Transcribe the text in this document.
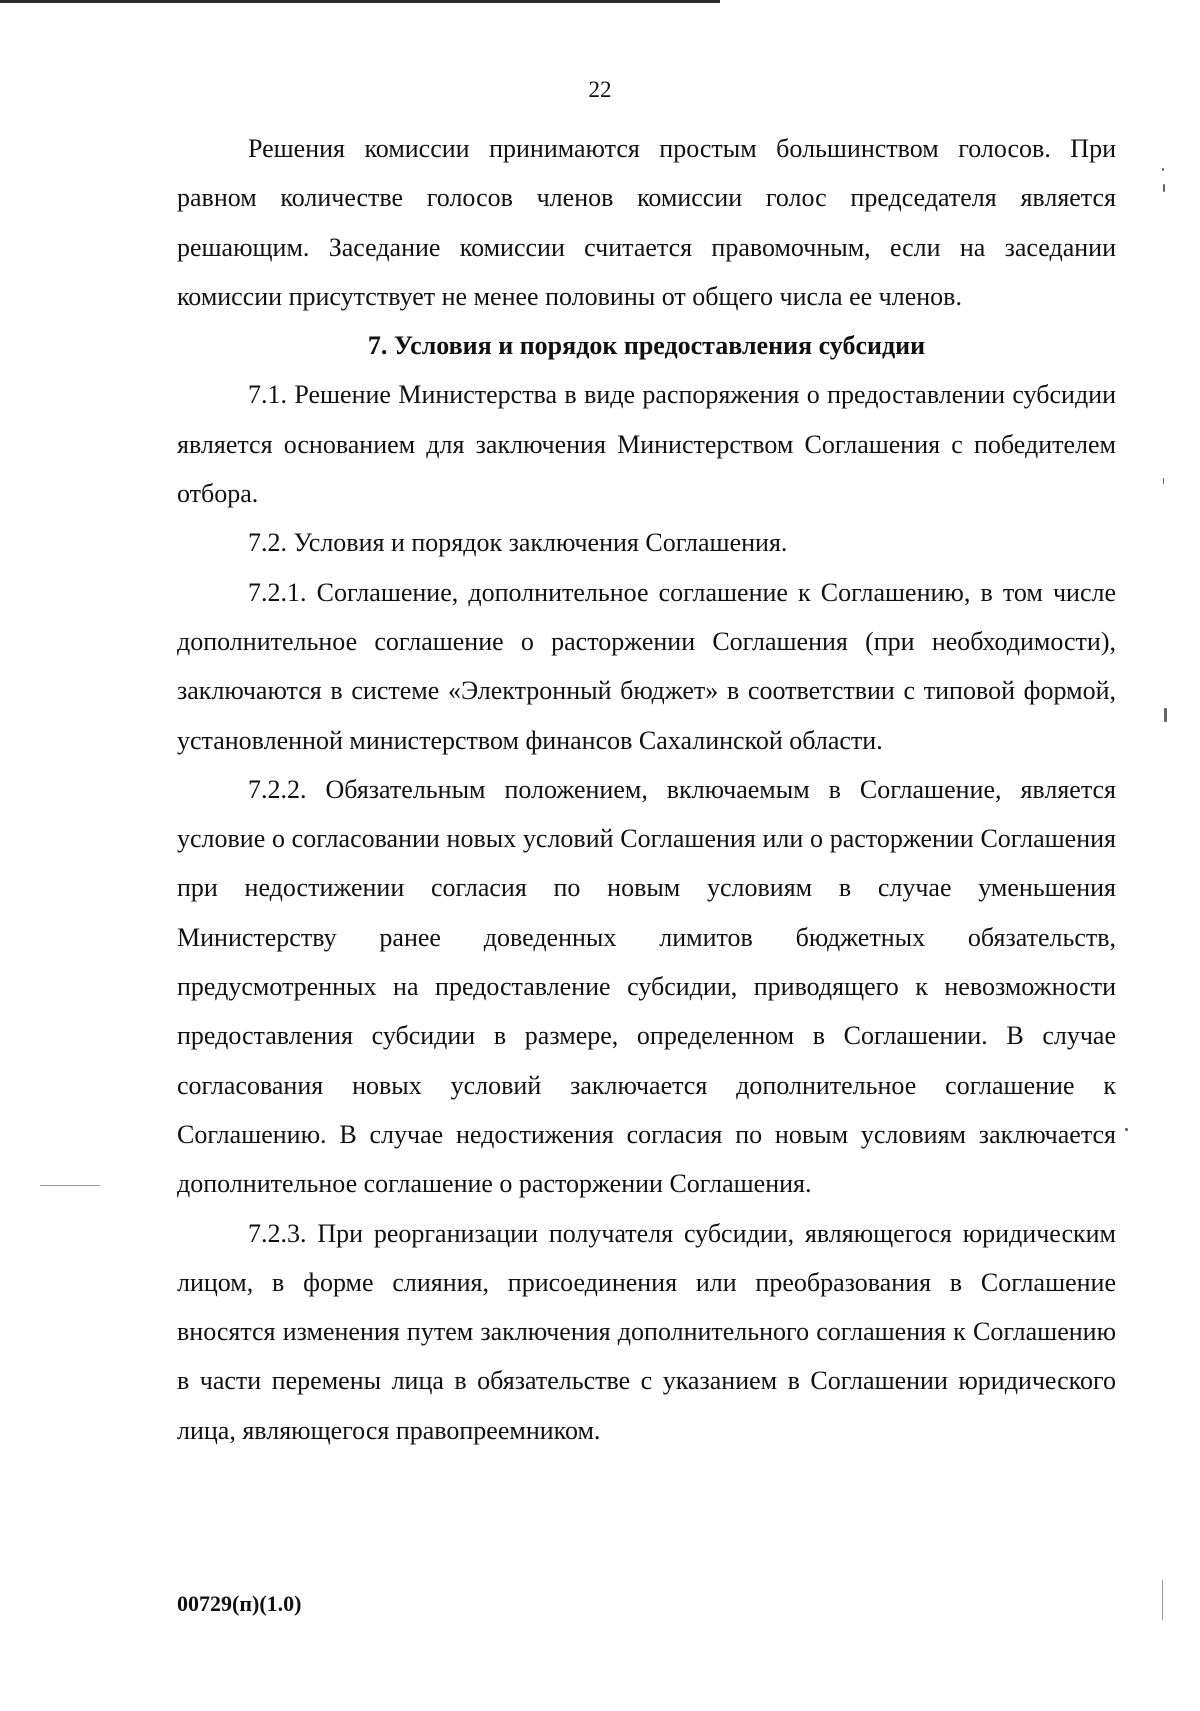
22

Решения комиссии принимаются простым большинством голосов. При равном количестве голосов членов комиссии голос председателя является решающим. Заседание комиссии считается правомочным, если на заседании комиссии присутствует не менее половины от общего числа ее членов.

7. Условия и порядок предоставления субсидии

7.1. Решение Министерства в виде распоряжения о предоставлении субсидии является основанием для заключения Министерством Соглашения с победителем отбора.

7.2. Условия и порядок заключения Соглашения.

7.2.1. Соглашение, дополнительное соглашение к Соглашению, в том числе дополнительное соглашение о расторжении Соглашения (при необходимости), заключаются в системе «Электронный бюджет» в соответствии с типовой формой, установленной министерством финансов Сахалинской области.

7.2.2. Обязательным положением, включаемым в Соглашение, является условие о согласовании новых условий Соглашения или о расторжении Соглашения при недостижении согласия по новым условиям в случае уменьшения Министерству ранее доведенных лимитов бюджетных обязательств, предусмотренных на предоставление субсидии, приводящего к невозможности предоставления субсидии в размере, определенном в Соглашении. В случае согласования новых условий заключается дополнительное соглашение к Соглашению. В случае недостижения согласия по новым условиям заключается дополнительное соглашение о расторжении Соглашения.

7.2.3. При реорганизации получателя субсидии, являющегося юридическим лицом, в форме слияния, присоединения или преобразования в Соглашение вносятся изменения путем заключения дополнительного соглашения к Соглашению в части перемены лица в обязательстве с указанием в Соглашении юридического лица, являющегося правопреемником.

00729(п)(1.0)
